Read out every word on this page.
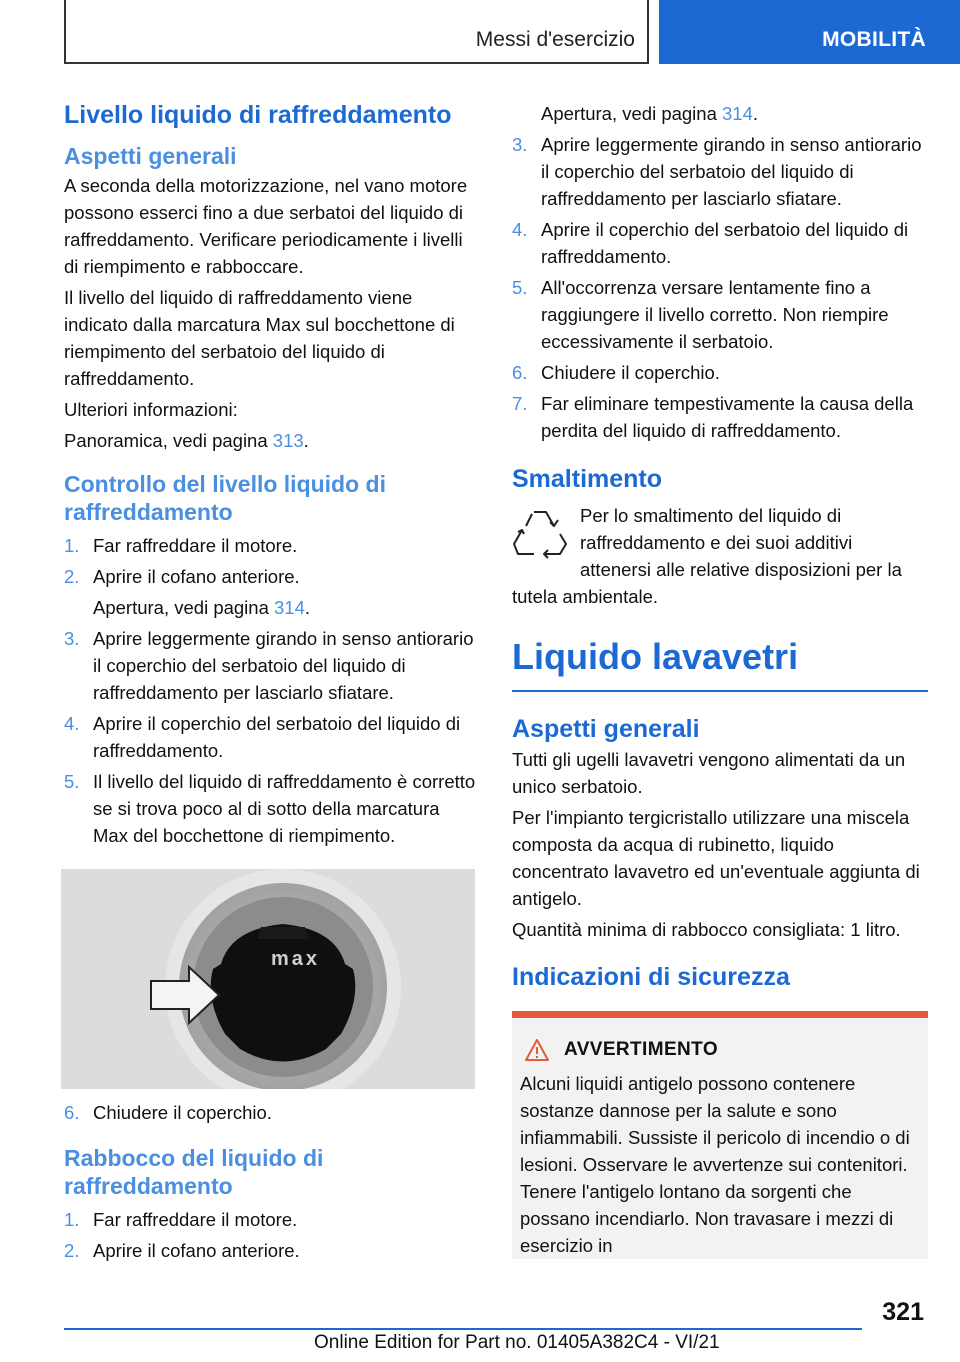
Messi d'esercizio	MOBILITÀ
Livello liquido di raffreddamento
Aspetti generali

A seconda della motorizzazione, nel vano motore possono esserci fino a due serbatoi del liquido di raffreddamento. Verificare periodicamente i livelli di riempimento e rabboccare.

Il livello del liquido di raffreddamento viene indicato dalla marcatura Max sul bocchettone di riempimento del serbatoio del liquido di raffreddamento.

Ulteriori informazioni:

Panoramica, vedi pagina 313.

Controllo del livello liquido di raffreddamento
1. Far raffreddare il motore.
2. Aprire il cofano anteriore.
Apertura, vedi pagina 314.
3. Aprire leggermente girando in senso antiorario il coperchio del serbatoio del liquido di raffreddamento per lasciarlo sfiatare.
4. Aprire il coperchio del serbatoio del liquido di raffreddamento.
5. Il livello del liquido di raffreddamento è corretto se si trova poco al di sotto della marcatura Max del bocchettone di riempimento.
max
6. Chiudere il coperchio.
Rabbocco del liquido di raffreddamento
1. Far raffreddare il motore.
2. Aprire il cofano anteriore.
Apertura, vedi pagina 314.
3. Aprire leggermente girando in senso antiorario il coperchio del serbatoio del liquido di raffreddamento per lasciarlo sfiatare.
4. Aprire il coperchio del serbatoio del liquido di raffreddamento.
5. All'occorrenza versare lentamente fino a raggiungere il livello corretto. Non riempire eccessivamente il serbatoio.
6. Chiudere il coperchio.
7. Far eliminare tempestivamente la causa della perdita del liquido di raffreddamento.
Smaltimento

Per lo smaltimento del liquido di raffreddamento e dei suoi additivi attenersi alle relative disposizioni per la tutela ambientale.

Liquido lavavetri
Aspetti generali

Tutti gli ugelli lavavetri vengono alimentati da un unico serbatoio.

Per l'impianto tergicristallo utilizzare una miscela composta da acqua di rubinetto, liquido concentrato lavavetro ed un'eventuale aggiunta di antigelo.

Quantità minima di rabbocco consigliata: 1 litro.

Indicazioni di sicurezza
AVVERTIMENTO

Alcuni liquidi antigelo possono contenere sostanze dannose per la salute e sono infiammabili. Sussiste il pericolo di incendio o di lesioni. Osservare le avvertenze sui contenitori. Tenere l'antigelo lontano da sorgenti che possano incendiarlo. Non travasare i mezzi di esercizio in

321
Online Edition for Part no. 01405A382C4 - VI/21
